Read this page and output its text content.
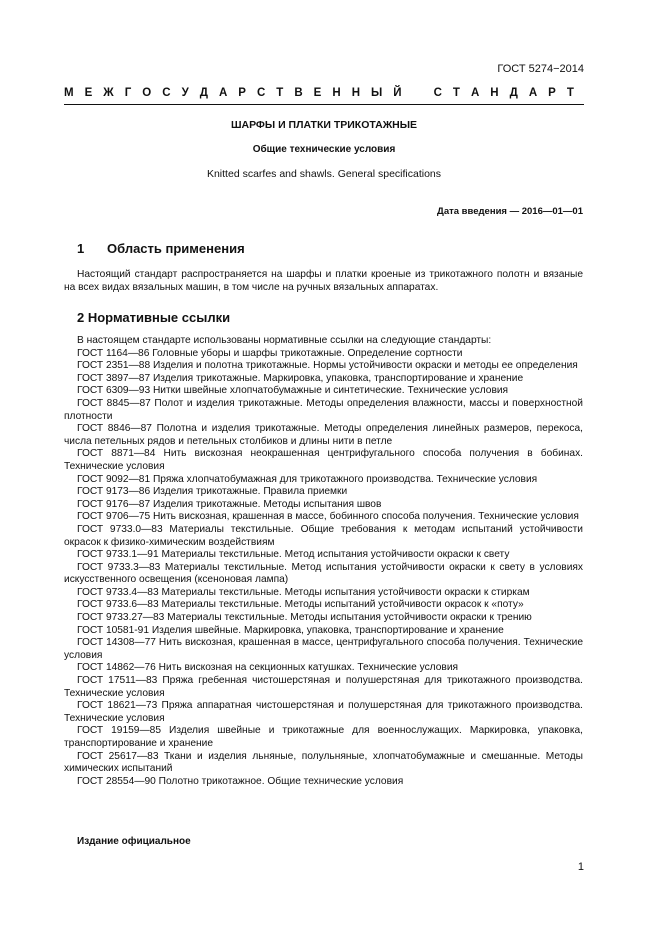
ГОСТ 5274−2014
М Е Ж Г О С У Д А Р С Т В Е Н Н Ы Й	С Т А Н Д А Р Т
ШАРФЫ И ПЛАТКИ ТРИКОТАЖНЫЕ
Общие технические условия
Knitted scarfes and shawls. General specifications
Дата введения — 2016—01—01
1 Область применения

Настоящий стандарт распространяется на шарфы и платки кроеные из трикотажного полотн и вязаные на всех видах вязальных машин, в том числе на ручных вязальных аппаратах.

2 Нормативные ссылки

В настоящем стандарте использованы нормативные ссылки на следующие стандарты:

ГОСТ 1164—86 Головные уборы и шарфы трикотажные. Определение сортности

ГОСТ 2351—88 Изделия и полотна трикотажные. Нормы устойчивости окраски и методы ее определения

ГОСТ 3897—87 Изделия трикотажные. Маркировка, упаковка, транспортирование и хранение

ГОСТ 6309—93 Нитки швейные хлопчатобумажные и синтетические. Технические условия

ГОСТ 8845—87 Полот и изделия трикотажные. Методы определения влажности, массы и поверхностной плотности

ГОСТ 8846—87 Полотна и изделия трикотажные. Методы определения линейных размеров, перекоса, числа петельных рядов и петельных столбиков и длины нити в петле

ГОСТ 8871—84 Нить вискозная неокрашенная центрифугального способа получения в бобинах. Технические условия

ГОСТ 9092—81 Пряжа хлопчатобумажная для трикотажного производства. Технические условия

ГОСТ 9173—86 Изделия трикотажные. Правила приемки

ГОСТ 9176—87 Изделия трикотажные. Методы испытания швов

ГОСТ 9706—75 Нить вискозная, крашенная в массе, бобинного способа получения. Технические условия

ГОСТ 9733.0—83 Материалы текстильные. Общие требования к методам испытаний устойчивости окрасок к физико-химическим воздействиям

ГОСТ 9733.1—91 Материалы текстильные. Метод испытания устойчивости окраски к свету

ГОСТ 9733.3—83 Материалы текстильные. Метод испытания устойчивости окраски к свету в условиях искусственного освещения (ксеноновая лампа)

ГОСТ 9733.4—83 Материалы текстильные. Методы испытания устойчивости окраски к стиркам

ГОСТ 9733.6—83 Материалы текстильные. Методы испытаний устойчивости окрасок к «поту»

ГОСТ 9733.27—83 Материалы текстильные. Методы испытания устойчивости окраски к трению

ГОСТ 10581-91 Изделия швейные. Маркировка, упаковка, транспортирование и хранение

ГОСТ 14308—77 Нить вискозная, крашенная в массе, центрифугального способа получения. Технические условия

ГОСТ 14862—76 Нить вискозная на секционных катушках. Технические условия

ГОСТ 17511—83 Пряжа гребенная чистошерстяная и полушерстяная для трикотажного производства. Технические условия

ГОСТ 18621—73 Пряжа аппаратная чистошерстяная и полушерстяная для трикотажного производства. Технические условия

ГОСТ 19159—85 Изделия швейные и трикотажные для военнослужащих. Маркировка, упаковка, транспортирование и хранение

ГОСТ 25617—83 Ткани и изделия льняные, полульняные, хлопчатобумажные и смешанные. Методы химических испытаний

ГОСТ 28554—90 Полотно трикотажное. Общие технические условия

Издание официальное
1
